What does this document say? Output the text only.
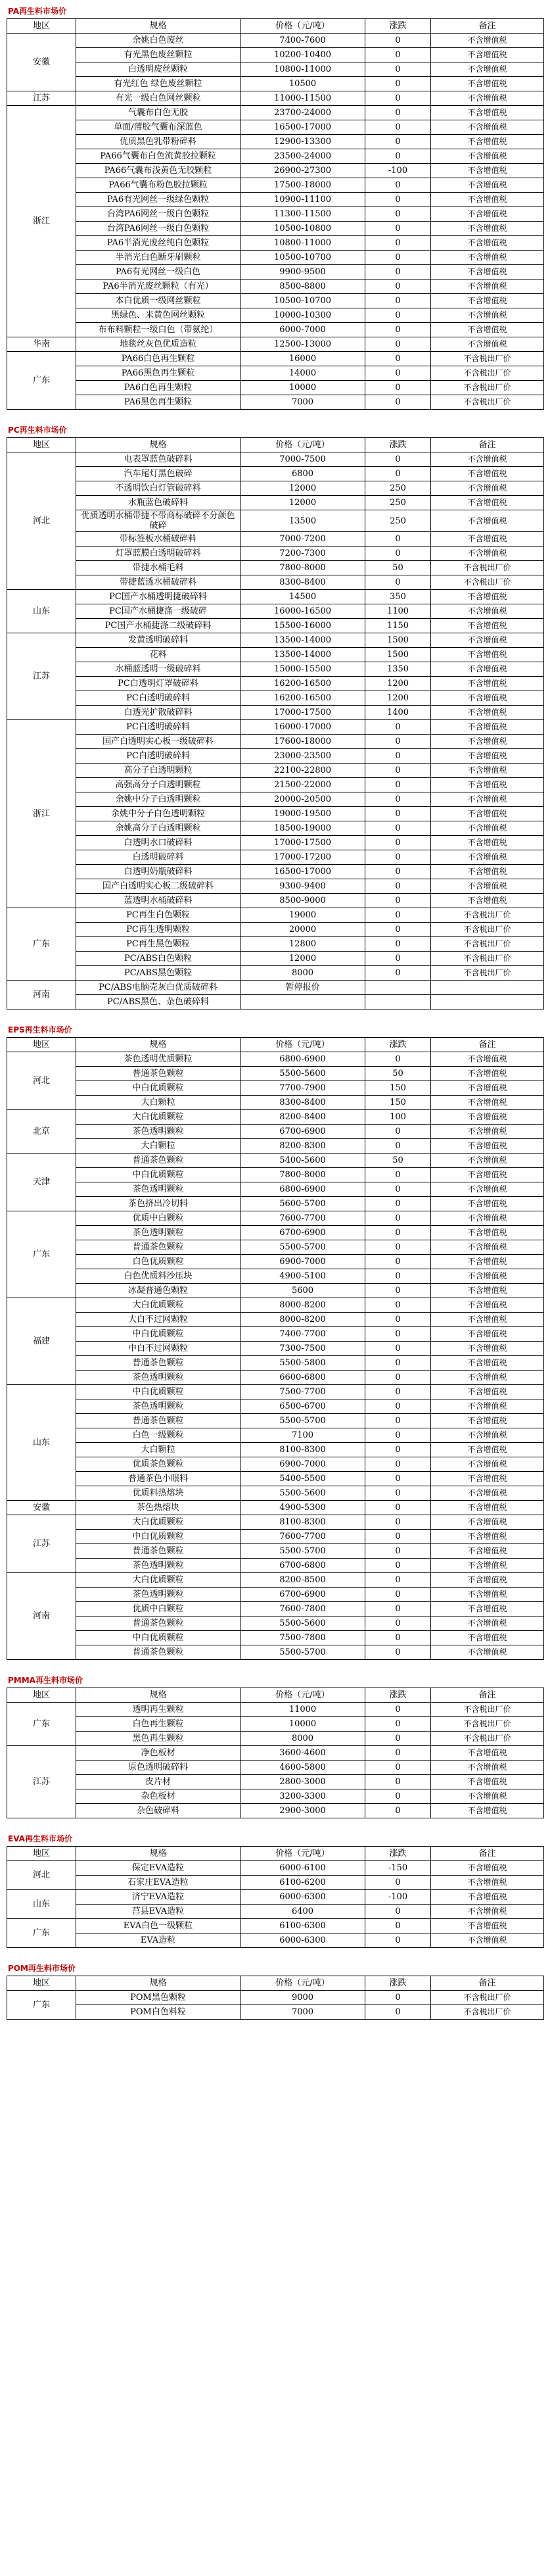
PA再生料市场价
地区	规格	价格（元/吨）	涨跌	备注
安徽	余姚白色废丝	7400-7600	0	不含增值税
	有光黑色废丝颗粒	10200-10400	0	不含增值税
	白透明废丝颗粒	10800-11000	0	不含增值税
	有光红色 绿色废丝颗粒	10500	0	不含增值税
江苏	有光一级白色网丝颗粒	11000-11500	0	不含增值税
浙江	气囊布白色无胶	23700-24000	0	不含增值税
	单面/薄胶气囊布深蓝色	16500-17000	0	不含增值税
	优质黑色乳带粉碎料	12900-13300	0	不含增值税
	PA66气囊布白色流黄胶拉颗粒	23500-24000	0	不含增值税
	PA66气囊布浅黄色无胶颗粒	26900-27300	-100	不含增值税
	PA66气囊布粉色胶拉颗粒	17500-18000	0	不含增值税
	PA6有光网丝一级绿色颗粒	10900-11100	0	不含增值税
	台湾PA6网丝一级白色颗粒	11300-11500	0	不含增值税
	台湾PA6网丝一级白色颗粒	10500-10800	0	不含增值税
	PA6半消光废丝纯白色颗粒	10800-11000	0	不含增值税
	半消光白色断牙刷颗粒	10500-10700	0	不含增值税
	PA6有光网丝一级白色	9900-9500	0	不含增值税
	PA6半消光废丝颗粒（有光）	8500-8800	0	不含增值税
	本白优质一级网丝颗粒	10500-10700	0	不含增值税
	黑绿色、米黄色网丝颗粒	10000-10300	0	不含增值税
	布布料颗粒一级白色（带氨纶）	6000-7000	0	不含增值税
华南	地毯丝灰色优质造粒	12500-13000	0	不含增值税
广东	PA66白色再生颗粒	16000	0	不含税出厂价
	PA66黑色再生颗粒	14000	0	不含税出厂价
	PA6白色再生颗粒	10000	0	不含税出厂价
	PA6黑色再生颗粒	7000	0	不含税出厂价
PC再生料市场价
地区	规格	价格（元/吨）	涨跌	备注
河北	电表罩蓝色破碎料	7000-7500	0	不含增值税
	汽车尾灯黑色破碎	6800	0	不含增值税
	不透明饮白灯管破碎料	12000	250	不含增值税
	水瓶蓝色破碎料	12000	250	不含增值税
	优质透明水桶带捷不带商标破碎不分颜色破碎	13500	250	不含增值税
	带标签板水桶破碎料	7000-7200	0	不含增值税
	灯罩蓝膜白透明破碎料	7200-7300	0	不含增值税
	带捷水桶毛料	7800-8000	50	不含税出厂价
	带捷蓝透水桶破碎料	8300-8400	0	不含税出厂价
山东	PC国产水桶透明捷破碎料	14500	350	不含增值税
	PC国产水桶捷涤一级破碎	16000-16500	1100	不含增值税
	PC国产水桶捷涤二级破碎料	15500-16000	1150	不含增值税
江苏	发黄透明破碎料	13500-14000	1500	不含增值税
	花料	13500-14000	1500	不含增值税
	水桶蓝透明一级破碎料	15000-15500	1350	不含增值税
	PC白透明灯罩破碎料	16200-16500	1200	不含增值税
	PC白透明破碎料	16200-16500	1200	不含增值税
	白透光扩散破碎料	17000-17500	1400	不含增值税
浙江	PC白透明破碎料	16000-17000	0	不含增值税
	国产白透明实心板一级破碎料	17600-18000	0	不含增值税
	PC白透明破碎料	23000-23500	0	不含增值税
	高分子白透明颗粒	22100-22800	0	不含增值税
	高强高分子白透明颗粒	21500-22000	0	不含增值税
	余姚中分子白透明颗粒	20000-20500	0	不含增值税
	余姚中分子白色透明颗粒	19000-19500	0	不含增值税
	余姚高分子白透明颗粒	18500-19000	0	不含增值税
	白透明水口破碎料	17000-17500	0	不含增值税
	白透明破碎料	17000-17200	0	不含增值税
	白透明奶瓶破碎料	16500-17000	0	不含增值税
	国产白透明实心板二级破碎料	9300-9400	0	不含增值税
	蓝透明水桶破碎料	8500-9000	0	不含增值税
广东	PC再生白色颗粒	19000	0	不含税出厂价
	PC再生透明颗粒	20000	0	不含税出厂价
	PC再生黑色颗粒	12800	0	不含税出厂价
	PC/ABS白色颗粒	12000	0	不含税出厂价
	PC/ABS黑色颗粒	8000	0	不含税出厂价
河南	PC/ABS电脑壳灰白优质破碎料	暂停报价		
	PC/ABS黑色、杂色破碎料			
EPS再生料市场价
地区	规格	价格（元/吨）	涨跌	备注
河北	茶色透明优质颗粒	6800-6900	0	不含增值税
	普通茶色颗粒	5500-5600	50	不含增值税
	中白优质颗粒	7700-7900	150	不含增值税
	大白颗粒	8300-8400	150	不含增值税
北京	大白优质颗粒	8200-8400	100	不含增值税
	茶色透明颗粒	6700-6900	0	不含增值税
	大白颗粒	8200-8300	0	不含增值税
天津	普通茶色颗粒	5400-5600	50	不含增值税
	中白优质颗粒	7800-8000	0	不含增值税
	茶色透明颗粒	6800-6900	0	不含增值税
	茶色挤出冷切料	5600-5700	0	不含增值税
广东	优质中白颗粒	7600-7700	0	不含增值税
	茶色透明颗粒	6700-6900	0	不含增值税
	普通茶色颗粒	5500-5700	0	不含增值税
	白色优质颗粒	6900-7000	0	不含增值税
	白色优质料沙压块	4900-5100	0	不含增值税
	冰凝普通色颗粒	5600	0	不含增值税
福建	大白优质颗粒	8000-8200	0	不含增值税
	大白不过网颗粒	8000-8200	0	不含增值税
	中白优质颗粒	7400-7700	0	不含增值税
	中白不过网颗粒	7300-7500	0	不含增值税
	普通茶色颗粒	5500-5800	0	不含增值税
	茶色透明颗粒	6600-6800	0	不含增值税
山东	中白优质颗粒	7500-7700	0	不含增值税
	茶色透明颗粒	6500-6700	0	不含增值税
	普通茶色颗粒	5500-5700	0	不含增值税
	白色一级颗粒	7100	0	不含增值税
	大白颗粒	8100-8300	0	不含增值税
	优质茶色颗粒	6900-7000	0	不含增值税
	普通茶色小眼料	5400-5500	0	不含增值税
	优质料热熔块	5500-5600	0	不含增值税
安徽	茶色热熔块	4900-5300	0	不含增值税
江苏	大白优质颗粒	8100-8300	0	不含增值税
	中白优质颗粒	7600-7700	0	不含增值税
	普通茶色颗粒	5500-5700	0	不含增值税
	茶色透明颗粒	6700-6800	0	不含增值税
河南	大白优质颗粒	8200-8500	0	不含增值税
	茶色透明颗粒	6700-6900	0	不含增值税
	优质中白颗粒	7600-7800	0	不含增值税
	普通茶色颗粒	5500-5600	0	不含增值税
	中白优质颗粒	7500-7800	0	不含增值税
	普通茶色颗粒	5500-5700	0	不含增值税
PMMA再生料市场价
地区	规格	价格（元/吨）	涨跌	备注
广东	透明再生颗粒	11000	0	不含税出厂价
	白色再生颗粒	10000	0	不含税出厂价
	黑色再生颗粒	8000	0	不含税出厂价
江苏	净色板材	3600-4600	0	不含增值税
	原色透明破碎料	4600-5800	0	不含增值税
	皮片材	2800-3000	0	不含增值税
	杂色板材	3200-3300	0	不含增值税
	杂色破碎料	2900-3000	0	不含增值税
EVA再生料市场价
地区	规格	价格（元/吨）	涨跌	备注
河北	保定EVA造粒	6000-6100	-150	不含增值税
	石家庄EVA造粒	6100-6200	0	不含增值税
山东	济宁EVA造粒	6000-6300	-100	不含增值税
	莒县EVA造粒	6400	0	不含增值税
广东	EVA白色一级颗粒	6100-6300	0	不含增值税
	EVA造粒	6000-6300	0	不含增值税
POM再生料市场价
地区	规格	价格（元/吨）	涨跌	备注
广东	POM黑色颗粒	9000	0	不含税出厂价
	POM白色料粒	7000	0	不含税出厂价
